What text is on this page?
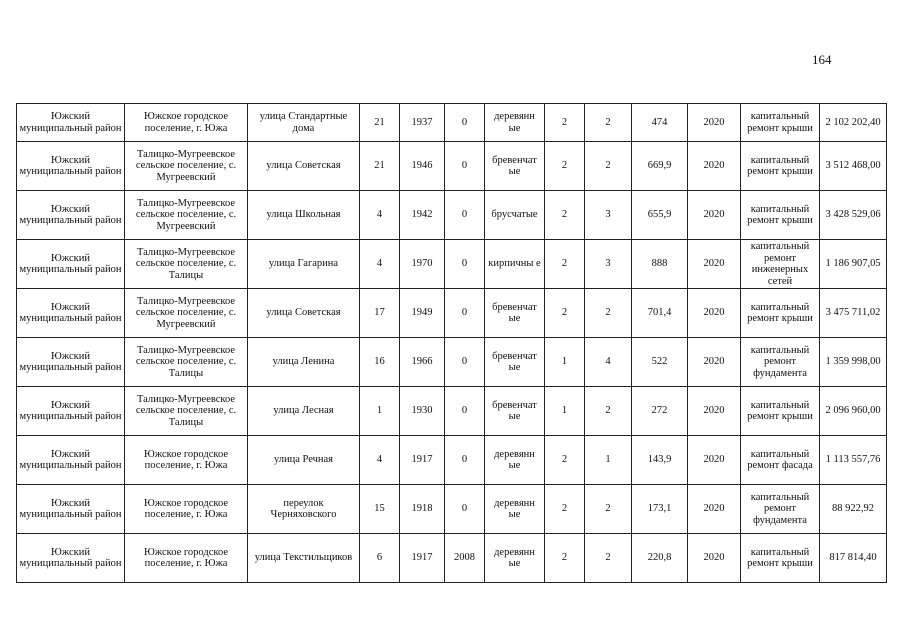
164
Южский муниципальный район	Южское городское поселение, г. Южа	улица Стандартные дома	21	1937	0	деревянн ые	2	2	474	2020	капитальный ремонт крыши	2 102 202,40
Южский муниципальный район	Талицко-Мугреевское сельское поселение, с. Мугреевский	улица Советская	21	1946	0	бревенчат ые	2	2	669,9	2020	капитальный ремонт крыши	3 512 468,00
Южский муниципальный район	Талицко-Мугреевское сельское поселение, с. Мугреевский	улица Школьная	4	1942	0	брусчатые	2	3	655,9	2020	капитальный ремонт крыши	3 428 529,06
Южский муниципальный район	Талицко-Мугреевское сельское поселение, с. Талицы	улица Гагарина	4	1970	0	кирпичны е	2	3	888	2020	капитальный ремонт инженерных сетей	1 186 907,05
Южский муниципальный район	Талицко-Мугреевское сельское поселение, с. Мугреевский	улица Советская	17	1949	0	бревенчат ые	2	2	701,4	2020	капитальный ремонт крыши	3 475 711,02
Южский муниципальный район	Талицко-Мугреевское сельское поселение, с. Талицы	улица Ленина	16	1966	0	бревенчат ые	1	4	522	2020	капитальный ремонт фундамента	1 359 998,00
Южский муниципальный район	Талицко-Мугреевское сельское поселение, с. Талицы	улица Лесная	1	1930	0	бревенчат ые	1	2	272	2020	капитальный ремонт крыши	2 096 960,00
Южский муниципальный район	Южское городское поселение, г. Южа	улица Речная	4	1917	0	деревянн ые	2	1	143,9	2020	капитальный ремонт фасада	1 113 557,76
Южский муниципальный район	Южское городское поселение, г. Южа	переулок Черняховского	15	1918	0	деревянн ые	2	2	173,1	2020	капитальный ремонт фундамента	88 922,92
Южский муниципальный район	Южское городское поселение, г. Южа	улица Текстильщиков	6	1917	2008	деревянн ые	2	2	220,8	2020	капитальный ремонт крыши	817 814,40
